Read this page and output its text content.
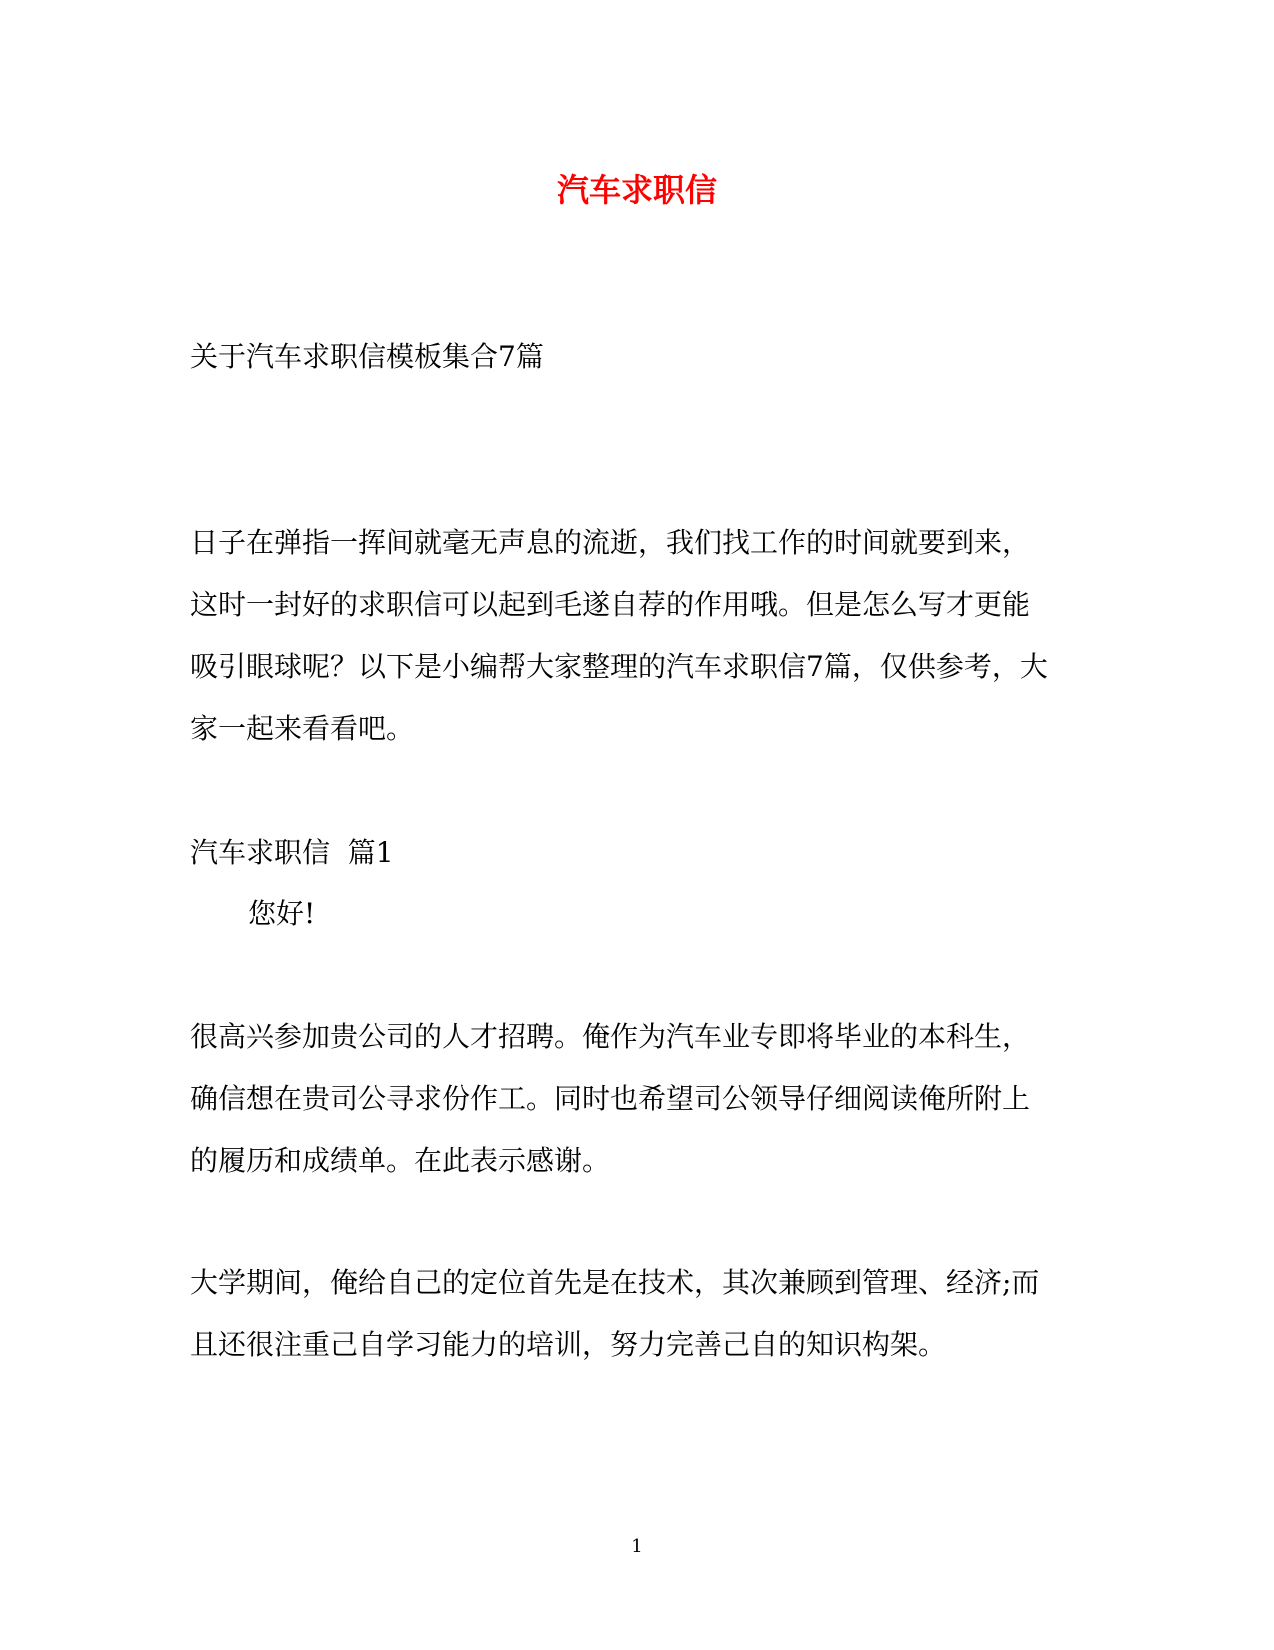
汽车求职信
关于汽车求职信模板集合7篇
日子在弹指一挥间就毫无声息的流逝，我们找工作的时间就要到来，
这时一封好的求职信可以起到毛遂自荐的作用哦。但是怎么写才更能
吸引眼球呢？以下是小编帮大家整理的汽车求职信7篇，仅供参考，大
家一起来看看吧。
汽车求职信  篇1
您好!
很高兴参加贵公司的人才招聘。俺作为汽车业专即将毕业的本科生，
确信想在贵司公寻求份作工。同时也希望司公领导仔细阅读俺所附上
的履历和成绩单。在此表示感谢。
大学期间，俺给自己的定位首先是在技术，其次兼顾到管理、经济;而
且还很注重己自学习能力的培训，努力完善己自的知识构架。
1
